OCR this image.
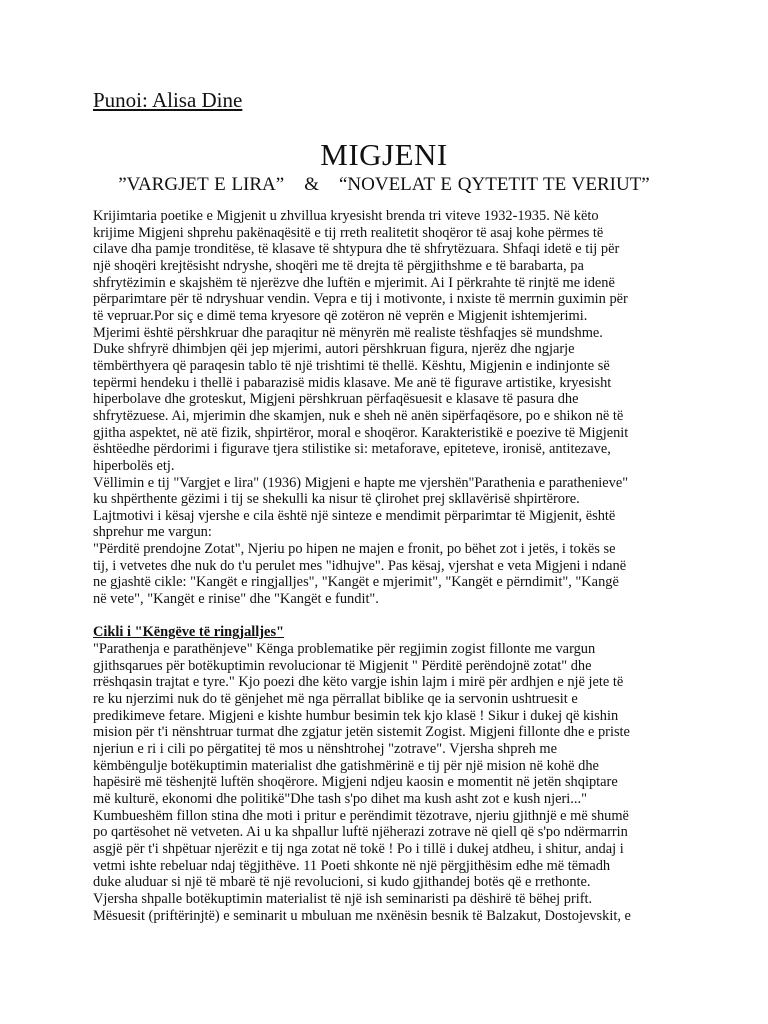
Punoi: Alisa Dine
MIGJENI
”VARGJET E LIRA” & “NOVELAT E QYTETIT TE VERIUT”

Krijimtaria poetike e Migjenit u zhvillua kryesisht brenda tri viteve 1932-1935. Në këto

krijime Migjeni shprehu pakënaqësitë e tij rreth realitetit shoqëror të asaj kohe përmes të

cilave dha pamje tronditëse, të klasave të shtypura dhe të shfrytëzuara. Shfaqi idetë e tij për

një shoqëri krejtësisht ndryshe, shoqëri me të drejta të përgjithshme e të barabarta, pa

shfrytëzimin e skajshëm të njerëzve dhe luftën e mjerimit. Ai I përkrahte të rinjtë me idenë

përparimtare për të ndryshuar vendin. Vepra e tij i motivonte, i nxiste të merrnin guximin për

të vepruar.Por siç e dimë tema kryesore që zotëron në veprën e Migjenit ishtemjerimi.

Mjerimi është përshkruar dhe paraqitur në mënyrën më realiste tëshfaqjes së mundshme.

Duke shfryrë dhimbjen qëi jep mjerimi, autori përshkruan figura, njerëz dhe ngjarje

tëmbërthyera që paraqesin tablo të një trishtimi të thellë. Kështu, Migjenin e indinjonte së

tepërmi hendeku i thellë i pabarazisë midis klasave. Me anë të figurave artistike, kryesisht

hiperbolave dhe groteskut, Migjeni përshkruan përfaqësuesit e klasave të pasura dhe

shfrytëzuese. Ai, mjerimin dhe skamjen, nuk e sheh në anën sipërfaqësore, po e shikon në të

gjitha aspektet, në atë fizik, shpirtëror, moral e shoqëror. Karakteristikë e poezive të Migjenit

ështëedhe përdorimi i figurave tjera stilistike si: metaforave, epiteteve, ironisë, antitezave,

hiperbolës etj.

Vëllimin e tij "Vargjet e lira" (1936) Migjeni e hapte me vjershën"Parathenia e parathenieve"

ku shpërthente gëzimi i tij se shekulli ka nisur të çlirohet prej skllavërisë shpirtërore.

Lajtmotivi i kësaj vjershe e cila është një sinteze e mendimit përparimtar të Migjenit, është

shprehur me vargun:

"Përditë prendojne Zotat", Njeriu po hipen ne majen e fronit, po bëhet zot i jetës, i tokës se

tij, i vetvetes dhe nuk do t'u perulet mes "idhujve". Pas kësaj, vjershat e veta Migjeni i ndanë

ne gjashtë cikle: "Kangët e ringjalljes", "Kangët e mjerimit", "Kangët e përndimit", "Kangë

në vete", "Kangët e rinise" dhe "Kangët e fundit".

Cikli i "Këngëve të ringjalljes"

"Parathenja e parathënjeve" Kënga problematike për regjimin zogist fillonte me vargun

gjithsqarues për botëkuptimin revolucionar të Migjenit " Përditë perëndojnë zotat" dhe

rrëshqasin trajtat e tyre." Kjo poezi dhe këto vargje ishin lajm i mirë për ardhjen e një jete të

re ku njerzimi nuk do të gënjehet më nga përrallat biblike qe ia servonin ushtruesit e

predikimeve fetare. Migjeni e kishte humbur besimin tek kjo klasë ! Sikur i dukej që kishin

mision për t'i nënshtruar turmat dhe zgjatur jetën sistemit Zogist. Migjeni fillonte dhe e priste

njeriun e ri i cili po përgatitej të mos u nënshtrohej "zotrave". Vjersha shpreh me

këmbëngulje botëkuptimin materialist dhe gatishmërinë e tij për një mision në kohë dhe

hapësirë më tëshenjtë luftën shoqërore. Migjeni ndjeu kaosin e momentit në jetën shqiptare

më kulturë, ekonomi dhe politikë"Dhe tash s'po dihet ma kush asht zot e kush njeri..."

Kumbueshëm fillon stina dhe moti i pritur e perëndimit tëzotrave, njeriu gjithnjë e më shumë

po qartësohet në vetveten. Ai u ka shpallur luftë njëherazi zotrave në qiell që s'po ndërmarrin

asgjë për t'i shpëtuar njerëzit e tij nga zotat në tokë ! Po i tillë i dukej atdheu, i shitur, andaj i

vetmi ishte rebeluar ndaj tëgjithëve. 11 Poeti shkonte në një përgjithësim edhe më tëmadh

duke aluduar si një të mbarë të një revolucioni, si kudo gjithandej botës që e rrethonte.

Vjersha shpalle botëkuptimin materialist të një ish seminaristi pa dëshirë të bëhej prift.

Mësuesit (priftërinjtë) e seminarit u mbuluan me nxënësin besnik të Balzakut, Dostojevskit, e
